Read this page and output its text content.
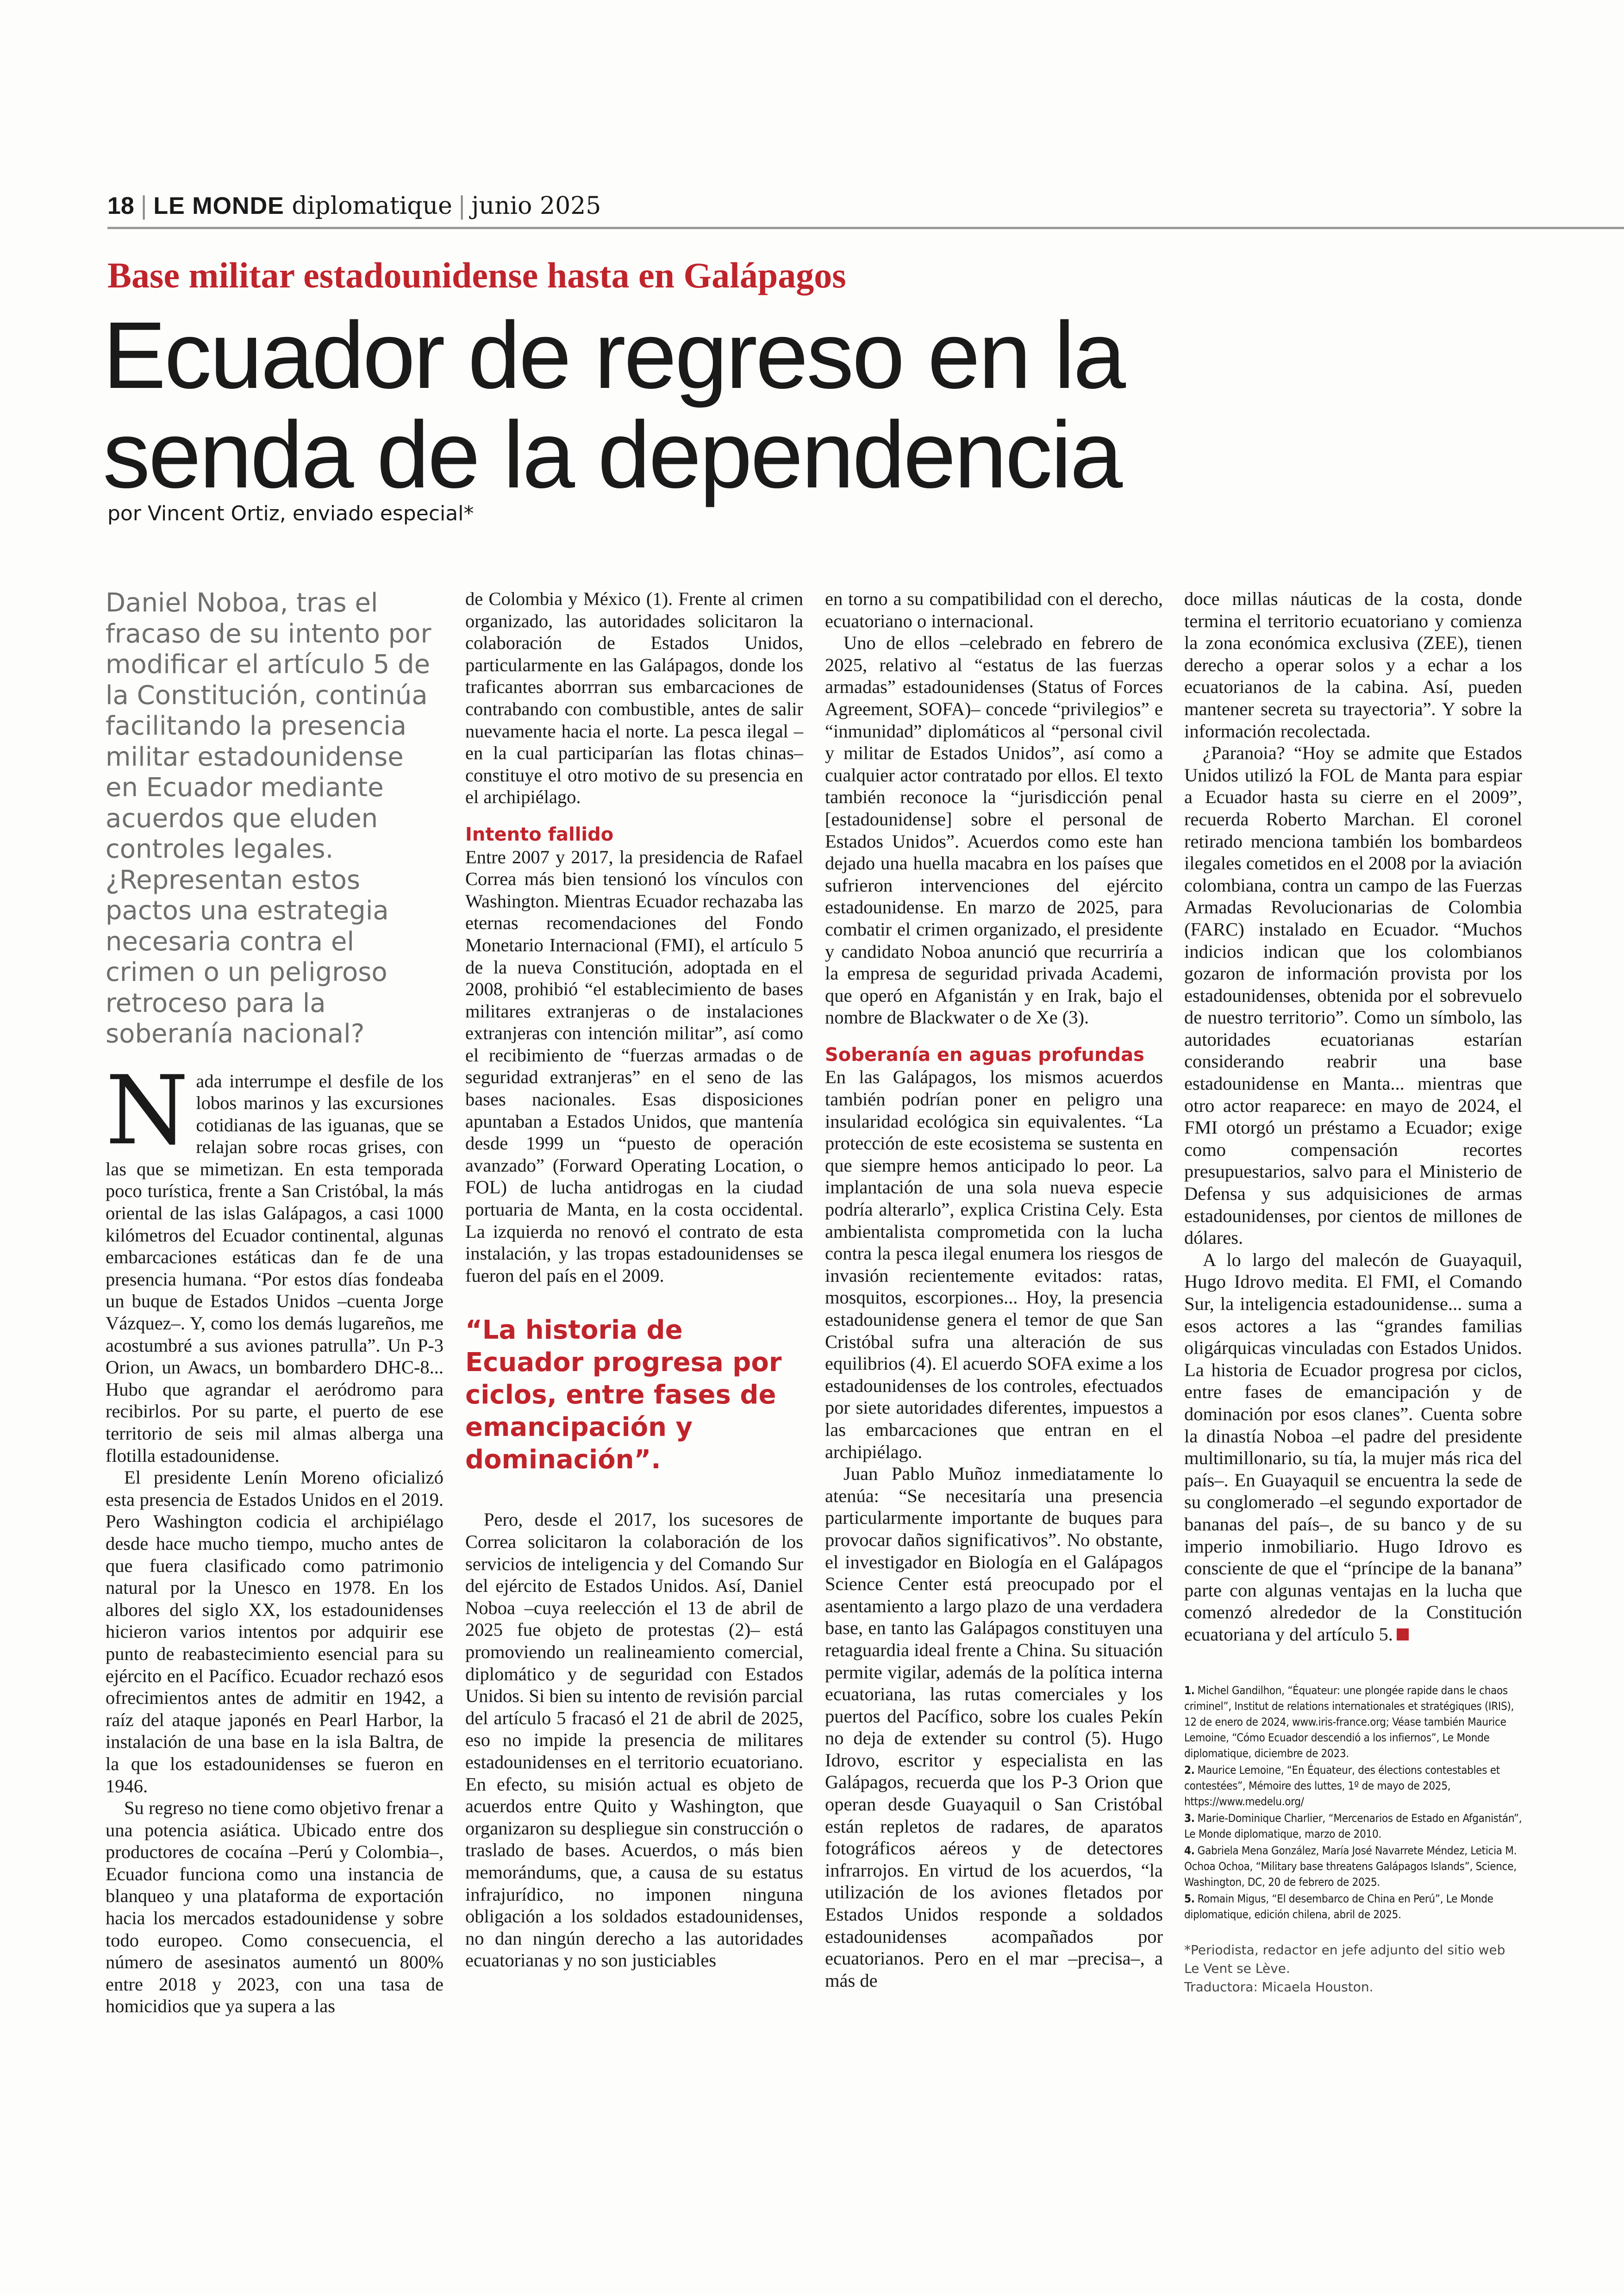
18 | LE MONDE diplomatique | junio 2025
Base militar estadounidense hasta en Galápagos
Ecuador de regreso en la
senda de la dependencia
por Vincent Ortiz, enviado especial*
Daniel Noboa, tras el fracaso de su intento por modificar el artículo 5 de la Constitución, continúa facilitando la presencia militar estadounidense en Ecuador mediante acuerdos que eluden controles legales. ¿Representan estos pactos una estrategia necesaria contra el crimen o un peligroso retroceso para la soberanía nacional?

Nada interrumpe el desfile de los lobos marinos y las excursiones cotidianas de las iguanas, que se relajan sobre rocas grises, con las que se mimetizan. En esta temporada poco turística, frente a San Cristóbal, la más oriental de las islas Galápagos, a casi 1000 kilómetros del Ecuador continental, algunas embarcaciones estáticas dan fe de una presencia humana. “Por estos días fondeaba un buque de Estados Unidos –cuenta Jorge Vázquez–. Y, como los demás lugareños, me acostumbré a sus aviones patrulla”. Un P-3 Orion, un Awacs, un bombardero DHC-8... Hubo que agrandar el aeródromo para recibirlos. Por su parte, el puerto de ese territorio de seis mil almas alberga una flotilla estadounidense.

El presidente Lenín Moreno oficializó esta presencia de Estados Unidos en el 2019. Pero Washington codicia el archipiélago desde hace mucho tiempo, mucho antes de que fuera clasificado como patrimonio natural por la Unesco en 1978. En los albores del siglo XX, los estadounidenses hicieron varios intentos por adquirir ese punto de reabastecimiento esencial para su ejército en el Pacífico. Ecuador rechazó esos ofrecimientos antes de admitir en 1942, a raíz del ataque japonés en Pearl Harbor, la instalación de una base en la isla Baltra, de la que los estadounidenses se fueron en 1946.

Su regreso no tiene como objetivo frenar a una potencia asiática. Ubicado entre dos productores de cocaína –Perú y Colombia–, Ecuador funciona como una instancia de blanqueo y una plataforma de exportación hacia los mercados estadounidense y sobre todo europeo. Como consecuencia, el número de asesinatos aumentó un 800% entre 2018 y 2023, con una tasa de homicidios que ya supera a las

de Colombia y México (1). Frente al crimen organizado, las autoridades solicitaron la colaboración de Estados Unidos, particularmente en las Galápagos, donde los traficantes aborrran sus embarcaciones de contrabando con combustible, antes de salir nuevamente hacia el norte. La pesca ilegal –en la cual participarían las flotas chinas– constituye el otro motivo de su presencia en el archipiélago.

Intento fallido

Entre 2007 y 2017, la presidencia de Rafael Correa más bien tensionó los vínculos con Washington. Mientras Ecuador rechazaba las eternas recomendaciones del Fondo Monetario Internacional (FMI), el artículo 5 de la nueva Constitución, adoptada en el 2008, prohibió “el establecimiento de bases militares extranjeras o de instalaciones extranjeras con intención militar”, así como el recibimiento de “fuerzas armadas o de seguridad extranjeras” en el seno de las bases nacionales. Esas disposiciones apuntaban a Estados Unidos, que mantenía desde 1999 un “puesto de operación avanzado” (Forward Operating Location, o FOL) de lucha antidrogas en la ciudad portuaria de Manta, en la costa occidental. La izquierda no renovó el contrato de esta instalación, y las tropas estadounidenses se fueron del país en el 2009.

“La historia de Ecuador progresa por ciclos, entre fases de emancipación y dominación”.

Pero, desde el 2017, los sucesores de Correa solicitaron la colaboración de los servicios de inteligencia y del Comando Sur del ejército de Estados Unidos. Así, Daniel Noboa –cuya reelección el 13 de abril de 2025 fue objeto de protestas (2)– está promoviendo un realineamiento comercial, diplomático y de seguridad con Estados Unidos. Si bien su intento de revisión parcial del artículo 5 fracasó el 21 de abril de 2025, eso no impide la presencia de militares estadounidenses en el territorio ecuatoriano. En efecto, su misión actual es objeto de acuerdos entre Quito y Washington, que organizaron su despliegue sin construcción o traslado de bases. Acuerdos, o más bien memorándums, que, a causa de su estatus infrajurídico, no imponen ninguna obligación a los soldados estadounidenses, no dan ningún derecho a las autoridades ecuatorianas y no son justiciables

en torno a su compatibilidad con el derecho, ecuatoriano o internacional.

Uno de ellos –celebrado en febrero de 2025, relativo al “estatus de las fuerzas armadas” estadounidenses (Status of Forces Agreement, SOFA)– concede “privilegios” e “inmunidad” diplomáticos al “personal civil y militar de Estados Unidos”, así como a cualquier actor contratado por ellos. El texto también reconoce la “jurisdicción penal [estadounidense] sobre el personal de Estados Unidos”. Acuerdos como este han dejado una huella macabra en los países que sufrieron intervenciones del ejército estadounidense. En marzo de 2025, para combatir el crimen organizado, el presidente y candidato Noboa anunció que recurriría a la empresa de seguridad privada Academi, que operó en Afganistán y en Irak, bajo el nombre de Blackwater o de Xe (3).

Soberanía en aguas profundas

En las Galápagos, los mismos acuerdos también podrían poner en peligro una insularidad ecológica sin equivalentes. “La protección de este ecosistema se sustenta en que siempre hemos anticipado lo peor. La implantación de una sola nueva especie podría alterarlo”, explica Cristina Cely. Esta ambientalista comprometida con la lucha contra la pesca ilegal enumera los riesgos de invasión recientemente evitados: ratas, mosquitos, escorpiones... Hoy, la presencia estadounidense genera el temor de que San Cristóbal sufra una alteración de sus equilibrios (4). El acuerdo SOFA exime a los estadounidenses de los controles, efectuados por siete autoridades diferentes, impuestos a las embarcaciones que entran en el archipiélago.

Juan Pablo Muñoz inmediatamente lo atenúa: “Se necesitaría una presencia particularmente importante de buques para provocar daños significativos”. No obstante, el investigador en Biología en el Galápagos Science Center está preocupado por el asentamiento a largo plazo de una verdadera base, en tanto las Galápagos constituyen una retaguardia ideal frente a China. Su situación permite vigilar, además de la política interna ecuatoriana, las rutas comerciales y los puertos del Pacífico, sobre los cuales Pekín no deja de extender su control (5). Hugo Idrovo, escritor y especialista en las Galápagos, recuerda que los P-3 Orion que operan desde Guayaquil o San Cristóbal están repletos de radares, de aparatos fotográficos aéreos y de detectores infrarrojos. En virtud de los acuerdos, “la utilización de los aviones fletados por Estados Unidos responde a soldados estadounidenses acompañados por ecuatorianos. Pero en el mar –precisa–, a más de

doce millas náuticas de la costa, donde termina el territorio ecuatoriano y comienza la zona económica exclusiva (ZEE), tienen derecho a operar solos y a echar a los ecuatorianos de la cabina. Así, pueden mantener secreta su trayectoria”. Y sobre la información recolectada.

¿Paranoia? “Hoy se admite que Estados Unidos utilizó la FOL de Manta para espiar a Ecuador hasta su cierre en el 2009”, recuerda Roberto Marchan. El coronel retirado menciona también los bombardeos ilegales cometidos en el 2008 por la aviación colombiana, contra un campo de las Fuerzas Armadas Revolucionarias de Colombia (FARC) instalado en Ecuador. “Muchos indicios indican que los colombianos gozaron de información provista por los estadounidenses, obtenida por el sobrevuelo de nuestro territorio”. Como un símbolo, las autoridades ecuatorianas estarían considerando reabrir una base estadounidense en Manta... mientras que otro actor reaparece: en mayo de 2024, el FMI otorgó un préstamo a Ecuador; exige como compensación recortes presupuestarios, salvo para el Ministerio de Defensa y sus adquisiciones de armas estadounidenses, por cientos de millones de dólares.

A lo largo del malecón de Guayaquil, Hugo Idrovo medita. El FMI, el Comando Sur, la inteligencia estadounidense... suma a esos actores a las “grandes familias oligárquicas vinculadas con Estados Unidos. La historia de Ecuador progresa por ciclos, entre fases de emancipación y de dominación por esos clanes”. Cuenta sobre la dinastía Noboa –el padre del presidente multimillonario, su tía, la mujer más rica del país–. En Guayaquil se encuentra la sede de su conglomerado –el segundo exportador de bananas del país–, de su banco y de su imperio inmobiliario. Hugo Idrovo es consciente de que el “príncipe de la banana” parte con algunas ventajas en la lucha que comenzó alrededor de la Constitución ecuatoriana y del artículo 5.

1. Michel Gandilhon, “Équateur: une plongée rapide dans le chaos criminel”, Institut de relations internationales et stratégiques (IRIS), 12 de enero de 2024, www.iris-france.org; Véase también Maurice Lemoine, “Cómo Ecuador descendió a los infiernos”, Le Monde diplomatique, diciembre de 2023.
2. Maurice Lemoine, “En Équateur, des élections contestables et contestées”, Mémoire des luttes, 1º de mayo de 2025, https://www.medelu.org/
3. Marie-Dominique Charlier, “Mercenarios de Estado en Afganistán”, Le Monde diplomatique, marzo de 2010.
4. Gabriela Mena González, María José Navarrete Méndez, Leticia M. Ochoa Ochoa, “Military base threatens Galápagos Islands”, Science, Washington, DC, 20 de febrero de 2025.
5. Romain Migus, “El desembarco de China en Perú”, Le Monde diplomatique, edición chilena, abril de 2025.
*Periodista, redactor en jefe adjunto del sitio web Le Vent se Lève.
Traductora: Micaela Houston.
